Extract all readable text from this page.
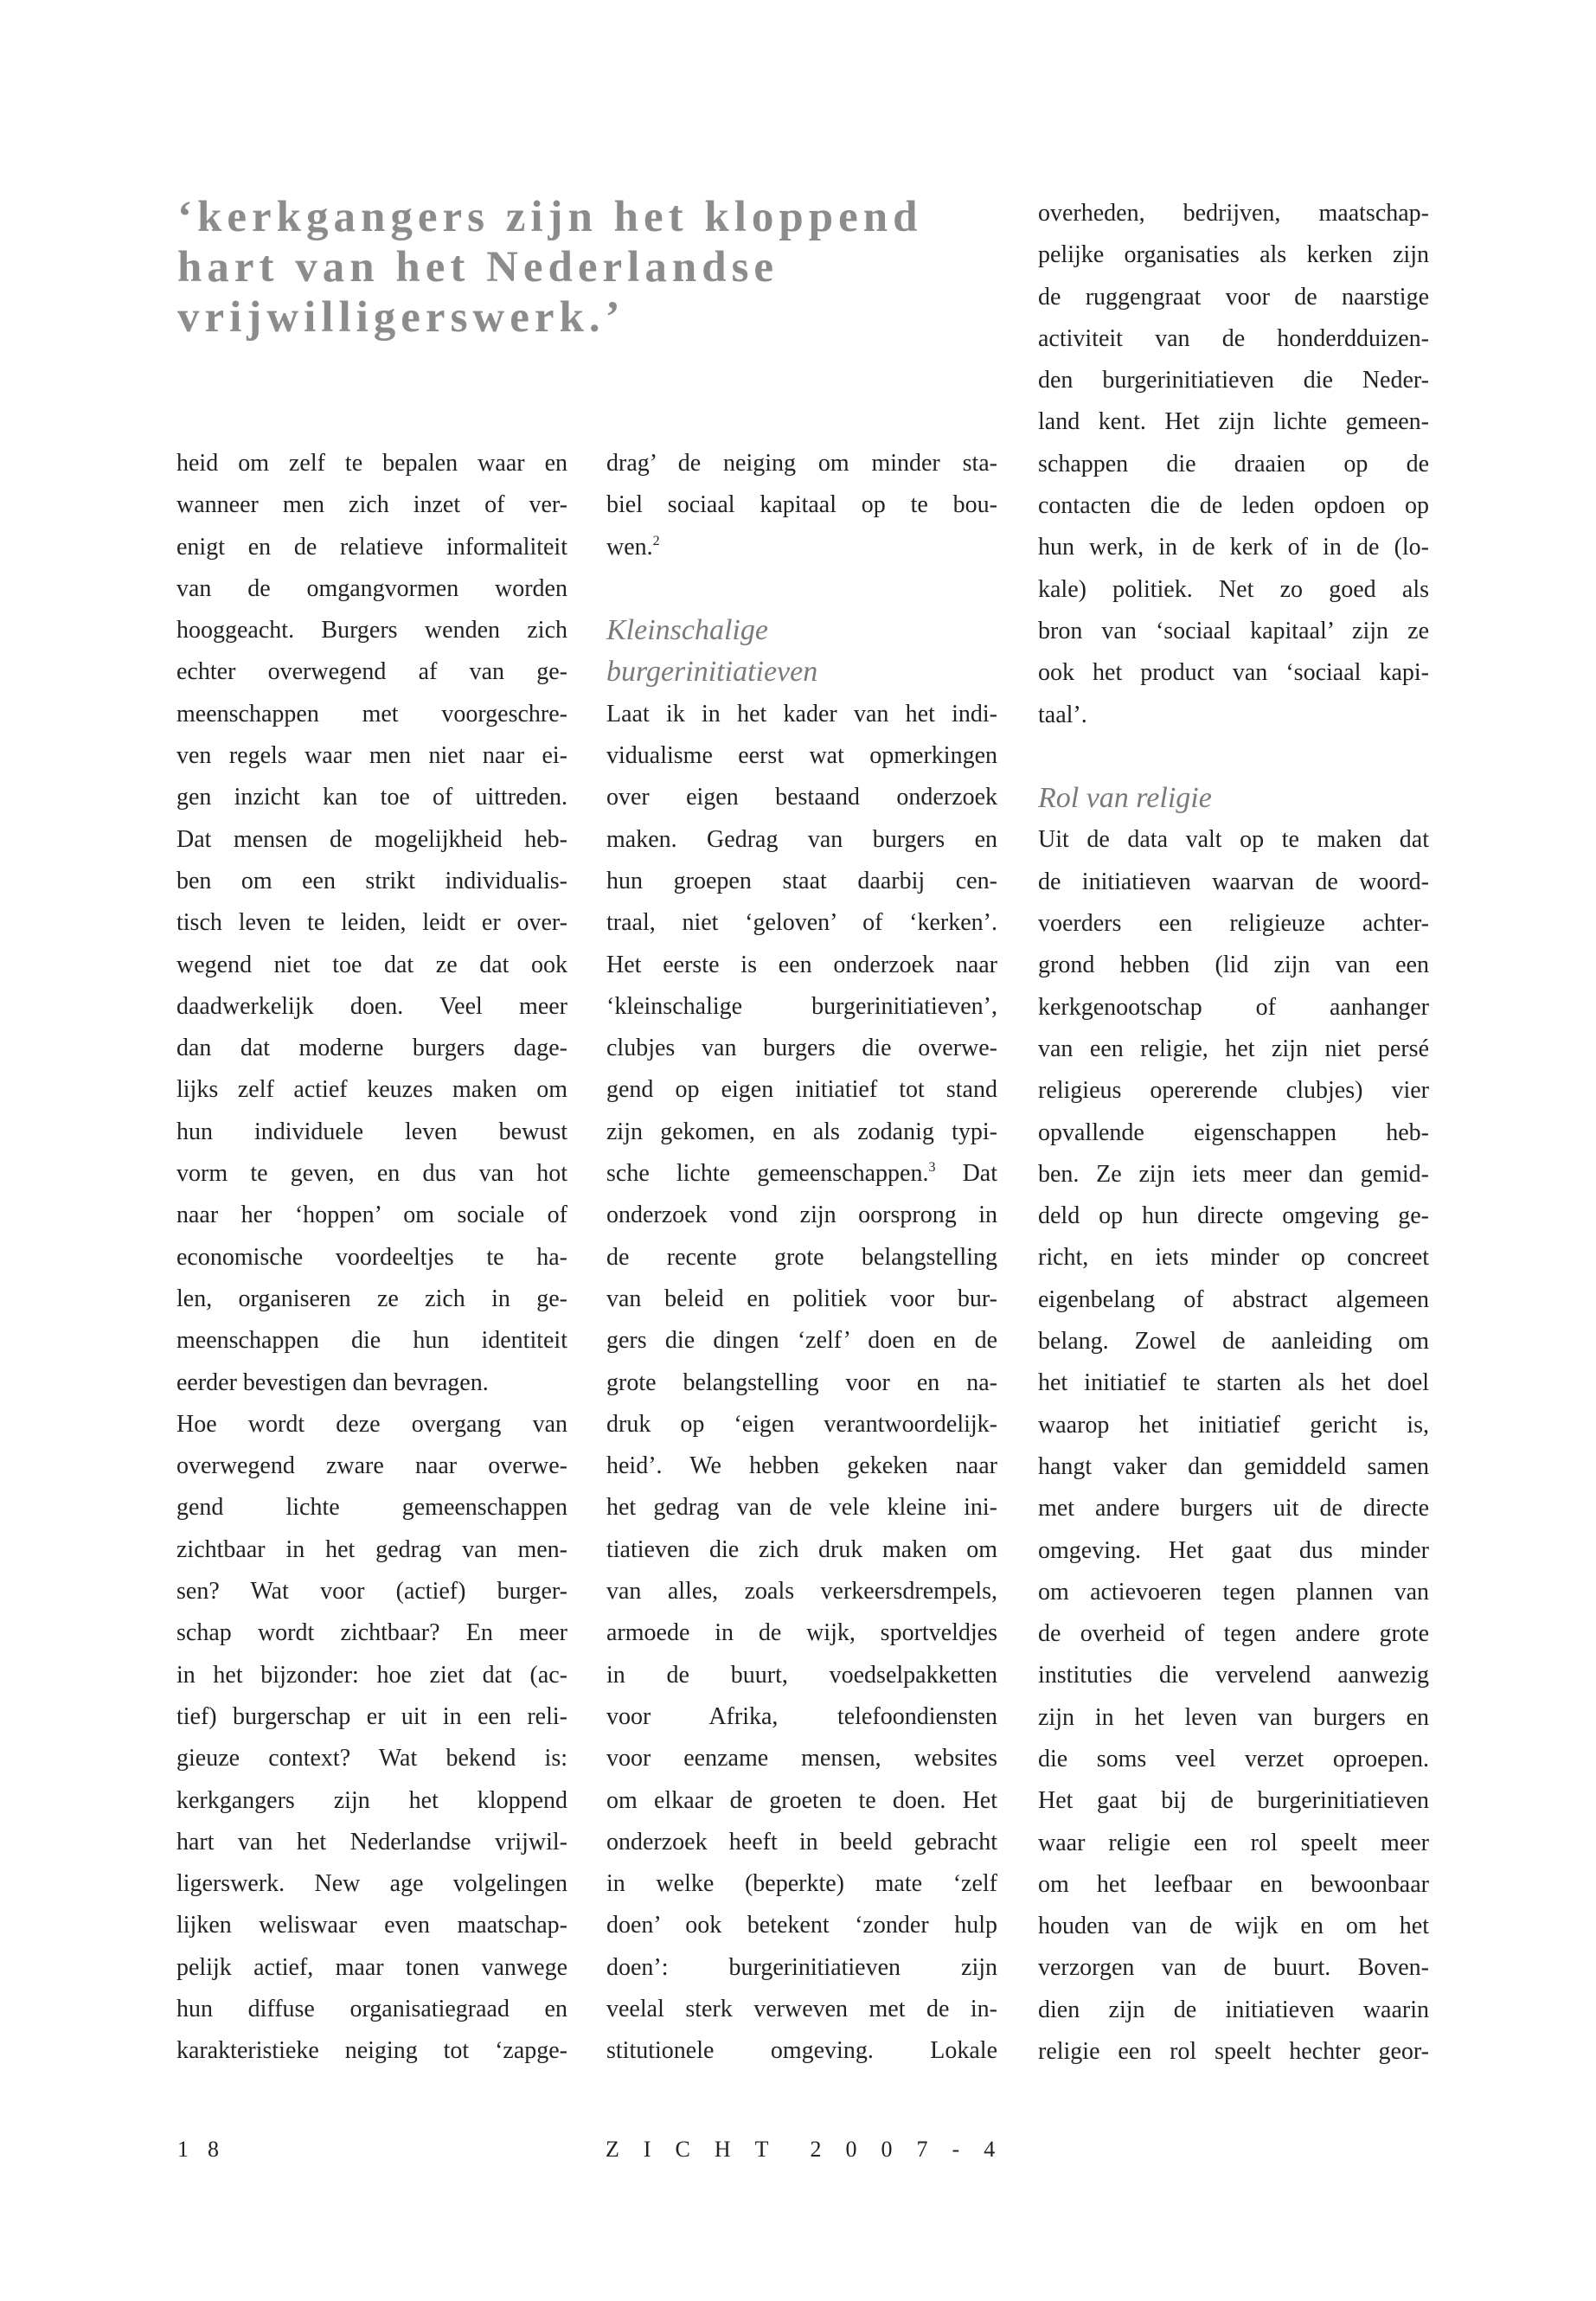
‘kerkgangers zijn het kloppend
hart van het Nederlandse
vrijwilligerswerk.’
heid om zelf te bepalen waar en
wanneer men zich inzet of ver-
enigt en de relatieve informaliteit
van de omgangvormen worden
hooggeacht. Burgers wenden zich
echter overwegend af van ge-
meenschappen met voorgeschre-
ven regels waar men niet naar ei-
gen inzicht kan toe of uittreden.
Dat mensen de mogelijkheid heb-
ben om een strikt individualis-
tisch leven te leiden, leidt er over-
wegend niet toe dat ze dat ook
daadwerkelijk doen. Veel meer
dan dat moderne burgers dage-
lijks zelf actief keuzes maken om
hun individuele leven bewust
vorm te geven, en dus van hot
naar her ‘hoppen’ om sociale of
economische voordeeltjes te ha-
len, organiseren ze zich in ge-
meenschappen die hun identiteit
eerder bevestigen dan bevragen.
Hoe wordt deze overgang van
overwegend zware naar overwe-
gend lichte gemeenschappen
zichtbaar in het gedrag van men-
sen? Wat voor (actief) burger-
schap wordt zichtbaar? En meer
in het bijzonder: hoe ziet dat (ac-
tief) burgerschap er uit in een reli-
gieuze context? Wat bekend is:
kerkgangers zijn het kloppend
hart van het Nederlandse vrijwil-
ligerswerk. New age volgelingen
lijken weliswaar even maatschap-
pelijk actief, maar tonen vanwege
hun diffuse organisatiegraad en
karakteristieke neiging tot ‘zapge-
drag’ de neiging om minder sta-
biel sociaal kapitaal op te bou-
wen.$^2$
Kleinschalige
burgerinitiatieven
Laat ik in het kader van het indi-
vidualisme eerst wat opmerkingen
over eigen bestaand onderzoek
maken. Gedrag van burgers en
hun groepen staat daarbij cen-
traal, niet ‘geloven’ of ‘kerken’.
Het eerste is een onderzoek naar
‘kleinschalige burgerinitiatieven’,
clubjes van burgers die overwe-
gend op eigen initiatief tot stand
zijn gekomen, en als zodanig typi-
sche lichte gemeenschappen.$^3$ Dat
onderzoek vond zijn oorsprong in
de recente grote belangstelling
van beleid en politiek voor bur-
gers die dingen ‘zelf’ doen en de
grote belangstelling voor en na-
druk op ‘eigen verantwoordelijk-
heid’. We hebben gekeken naar
het gedrag van de vele kleine ini-
tiatieven die zich druk maken om
van alles, zoals verkeersdrempels,
armoede in de wijk, sportveldjes
in de buurt, voedselpakketten
voor Afrika, telefoondiensten
voor eenzame mensen, websites
om elkaar de groeten te doen. Het
onderzoek heeft in beeld gebracht
in welke (beperkte) mate ‘zelf
doen’ ook betekent ‘zonder hulp
doen’: burgerinitiatieven zijn
veelal sterk verweven met de in-
stitutionele omgeving. Lokale
overheden, bedrijven, maatschap-
pelijke organisaties als kerken zijn
de ruggengraat voor de naarstige
activiteit van de honderdduizen-
den burgerinitiatieven die Neder-
land kent. Het zijn lichte gemeen-
schappen die draaien op de
contacten die de leden opdoen op
hun werk, in de kerk of in de (lo-
kale) politiek. Net zo goed als
bron van ‘sociaal kapitaal’ zijn ze
ook het product van ‘sociaal kapi-
taal’.
Rol van religie
Uit de data valt op te maken dat
de initiatieven waarvan de woord-
voerders een religieuze achter-
grond hebben (lid zijn van een
kerkgenootschap of aanhanger
van een religie, het zijn niet persé
religieus opererende clubjes) vier
opvallende eigenschappen heb-
ben. Ze zijn iets meer dan gemid-
deld op hun directe omgeving ge-
richt, en iets minder op concreet
eigenbelang of abstract algemeen
belang. Zowel de aanleiding om
het initiatief te starten als het doel
waarop het initiatief gericht is,
hangt vaker dan gemiddeld samen
met andere burgers uit de directe
omgeving. Het gaat dus minder
om actievoeren tegen plannen van
de overheid of tegen andere grote
instituties die vervelend aanwezig
zijn in het leven van burgers en
die soms veel verzet oproepen.
Het gaat bij de burgerinitiatieven
waar religie een rol speelt meer
om het leefbaar en bewoonbaar
houden van de wijk en om het
verzorgen van de buurt. Boven-
dien zijn de initiatieven waarin
religie een rol speelt hechter geor-
18	ZICHT 2007-4
